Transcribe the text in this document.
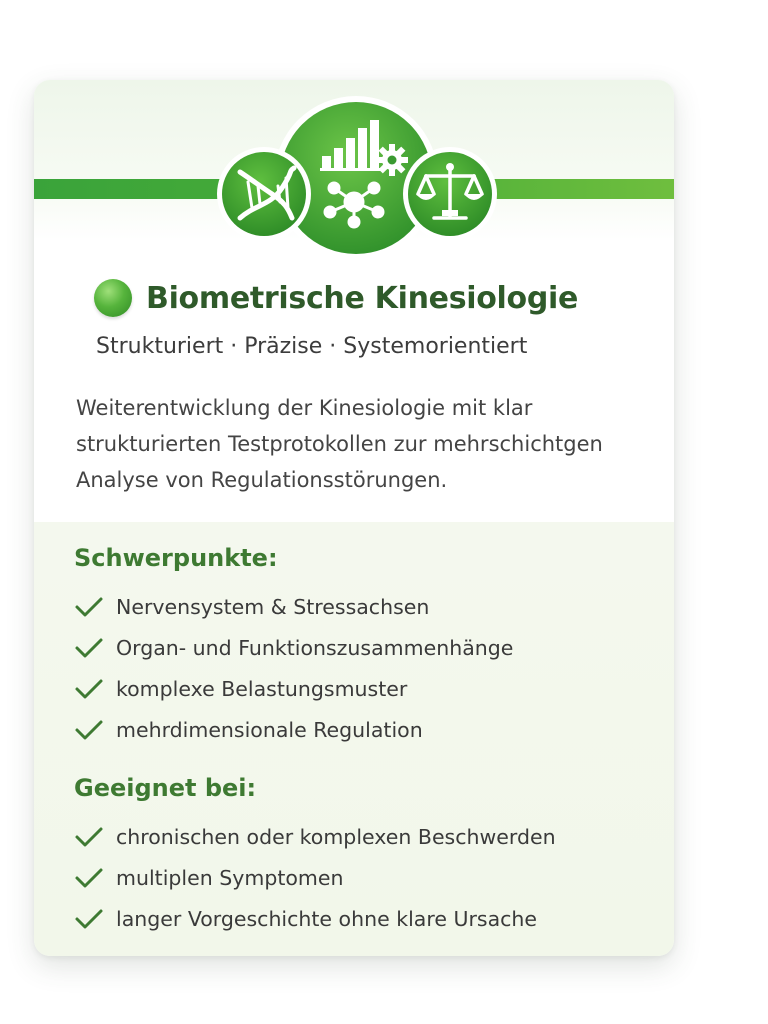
Biometrische Kinesiologie
Strukturiert · Präzise · Systemorientiert
Weiterentwicklung der Kinesiologie mit klar strukturierten Testprotokollen zur mehrschichtgen Analyse von Regulationsstörungen.
Schwerpunkte:
Nervensystem & Stressachsen
Organ- und Funktionszusammenhänge
komplexe Belastungsmuster
mehrdimensionale Regulation
Geeignet bei:
chronischen oder komplexen Beschwerden
multiplen Symptomen
langer Vorgeschichte ohne klare Ursache
